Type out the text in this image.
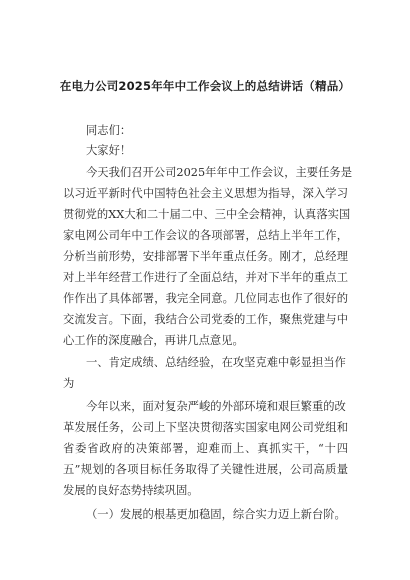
在电力公司2025年年中工作会议上的总结讲话（精品）
同志们：
大家好！
今天我们召开公司2025年年中工作会议，主要任务是
以习近平新时代中国特色社会主义思想为指导，深入学习
贯彻党的XX大和二十届二中、三中全会精神，认真落实国
家电网公司年中工作会议的各项部署，总结上半年工作，
分析当前形势，安排部署下半年重点任务。刚才，总经理
对上半年经营工作进行了全面总结，并对下半年的重点工
作作出了具体部署，我完全同意。几位同志也作了很好的
交流发言。下面，我结合公司党委的工作，聚焦党建与中
心工作的深度融合，再讲几点意见。
一、肯定成绩、总结经验，在攻坚克难中彰显担当作
为
今年以来，面对复杂严峻的外部环境和艰巨繁重的改
革发展任务，公司上下坚决贯彻落实国家电网公司党组和
省委省政府的决策部署，迎难而上、真抓实干，“十四
五”规划的各项目标任务取得了关键性进展，公司高质量
发展的良好态势持续巩固。
（一）发展的根基更加稳固，综合实力迈上新台阶。
